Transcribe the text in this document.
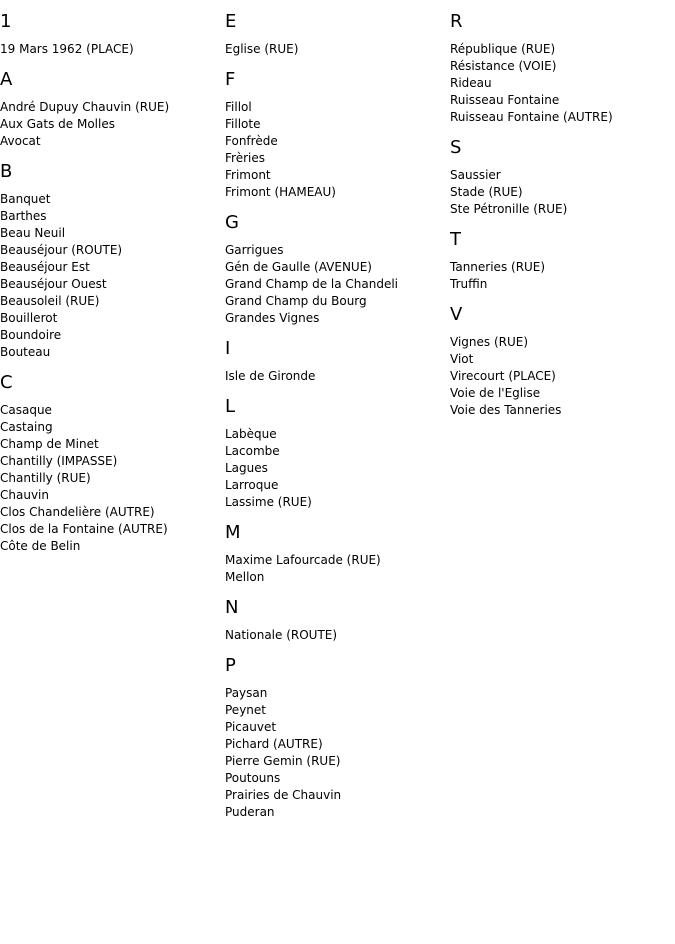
1
19 Mars 1962 (PLACE)
A
André Dupuy Chauvin (RUE)
Aux Gats de Molles
Avocat
B
Banquet
Barthes
Beau Neuil
Beauséjour (ROUTE)
Beauséjour Est
Beauséjour Ouest
Beausoleil (RUE)
Bouillerot
Boundoire
Bouteau
C
Casaque
Castaing
Champ de Minet
Chantilly (IMPASSE)
Chantilly (RUE)
Chauvin
Clos Chandelière (AUTRE)
Clos de la Fontaine (AUTRE)
Côte de Belin
E
Eglise (RUE)
F
Fillol
Fillote
Fonfrède
Frèries
Frimont
Frimont (HAMEAU)
G
Garrigues
Gén de Gaulle (AVENUE)
Grand Champ de la Chandeli
Grand Champ du Bourg
Grandes Vignes
I
Isle de Gironde
L
Labèque
Lacombe
Lagues
Larroque
Lassime (RUE)
M
Maxime Lafourcade (RUE)
Mellon
N
Nationale (ROUTE)
P
Paysan
Peynet
Picauvet
Pichard (AUTRE)
Pierre Gemin (RUE)
Poutouns
Prairies de Chauvin
Puderan
R
République (RUE)
Résistance (VOIE)
Rideau
Ruisseau Fontaine
Ruisseau Fontaine (AUTRE)
S
Saussier
Stade (RUE)
Ste Pétronille (RUE)
T
Tanneries (RUE)
Truffin
V
Vignes (RUE)
Viot
Virecourt (PLACE)
Voie de l'Eglise
Voie des Tanneries
